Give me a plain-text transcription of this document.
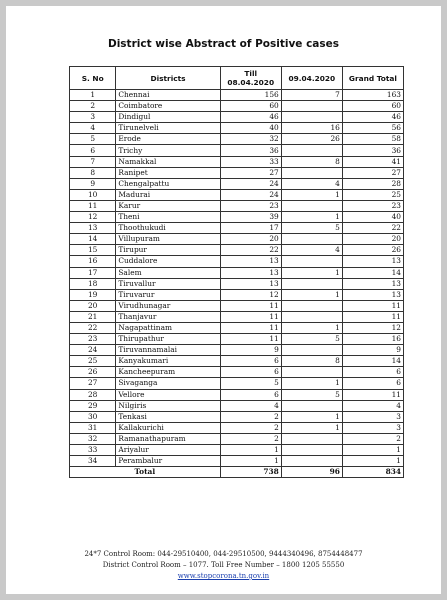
District wise Abstract of Positive cases
S. No	Districts	Till 08.04.2020	09.04.2020	Grand Total
1	Chennai	156	7	163
2	Coimbatore	60		60
3	Dindigul	46		46
4	Tirunelveli	40	16	56
5	Erode	32	26	58
6	Trichy	36		36
7	Namakkal	33	8	41
8	Ranipet	27		27
9	Chengalpattu	24	4	28
10	Madurai	24	1	25
11	Karur	23		23
12	Theni	39	1	40
13	Thoothukudi	17	5	22
14	Villupuram	20		20
15	Tirupur	22	4	26
16	Cuddalore	13		13
17	Salem	13	1	14
18	Tiruvallur	13		13
19	Tiruvarur	12	1	13
20	Virudhunagar	11		11
21	Thanjavur	11		11
22	Nagapattinam	11	1	12
23	Thirupathur	11	5	16
24	Tiruvannamalai	9		9
25	Kanyakumari	6	8	14
26	Kancheepuram	6		6
27	Sivaganga	5	1	6
28	Vellore	6	5	11
29	Nilgiris	4		4
30	Tenkasi	2	1	3
31	Kallakurichi	2	1	3
32	Ramanathapuram	2		2
33	Ariyalur	1		1
34	Perambalur	1		1
Total		738	96	834
24*7 Control Room: 044-29510400, 044-29510500, 9444340496, 8754448477
District Control Room – 1077. Toll Free Number – 1800 1205 55550
www.stopcorona.tn.gov.in
